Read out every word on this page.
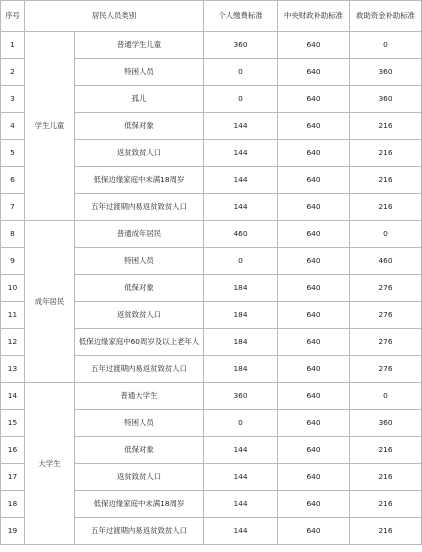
序号	居民人员类别		个人缴费标准	中央财政补助标准	救助资金补助标准
1	学生儿童	普通学生儿童	360	640	0
2		特困人员	0	640	360
3		孤儿	0	640	360
4		低保对象	144	640	216
5		返贫致贫人口	144	640	216
6		低保边缘家庭中未满18周岁	144	640	216
7		五年过渡期内易返贫致贫人口	144	640	216
8	成年居民	普通成年居民	460	640	0
9		特困人员	0	640	460
10		低保对象	184	640	276
11		返贫致贫人口	184	640	276
12		低保边缘家庭中60周岁及以上老年人	184	640	276
13		五年过渡期内易返贫致贫人口	184	640	276
14	大学生	普通大学生	360	640	0
15		特困人员	0	640	360
16		低保对象	144	640	216
17		返贫致贫人口	144	640	216
18		低保边缘家庭中未满18周岁	144	640	216
19		五年过渡期内易返贫致贫人口	144	640	216
